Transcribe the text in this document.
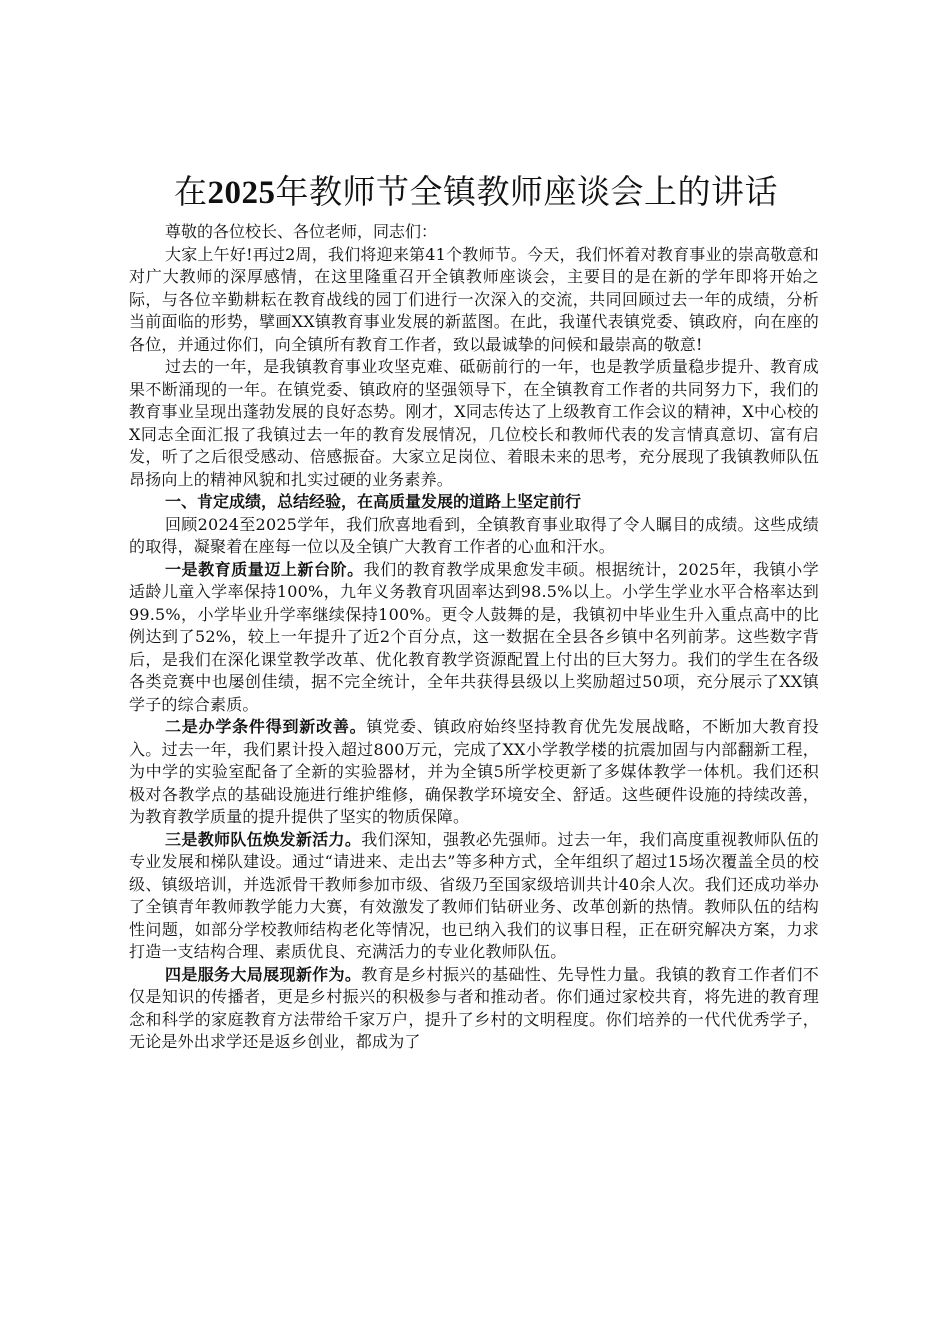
在2025年教师节全镇教师座谈会上的讲话

尊敬的各位校长、各位老师，同志们：

大家上午好!再过2周，我们将迎来第41个教师节。今天，我们怀着对教育事业的崇高敬意和对广大教师的深厚感情，在这里隆重召开全镇教师座谈会，主要目的是在新的学年即将开始之际，与各位辛勤耕耘在教育战线的园丁们进行一次深入的交流，共同回顾过去一年的成绩，分析当前面临的形势，擘画XX镇教育事业发展的新蓝图。在此，我谨代表镇党委、镇政府，向在座的各位，并通过你们，向全镇所有教育工作者，致以最诚挚的问候和最崇高的敬意!

过去的一年，是我镇教育事业攻坚克难、砥砺前行的一年，也是教学质量稳步提升、教育成果不断涌现的一年。在镇党委、镇政府的坚强领导下，在全镇教育工作者的共同努力下，我们的教育事业呈现出蓬勃发展的良好态势。刚才，X同志传达了上级教育工作会议的精神，X中心校的X同志全面汇报了我镇过去一年的教育发展情况，几位校长和教师代表的发言情真意切、富有启发，听了之后很受感动、倍感振奋。大家立足岗位、着眼未来的思考，充分展现了我镇教师队伍昂扬向上的精神风貌和扎实过硬的业务素养。

一、肯定成绩，总结经验，在高质量发展的道路上坚定前行

回顾2024至2025学年，我们欣喜地看到，全镇教育事业取得了令人瞩目的成绩。这些成绩的取得，凝聚着在座每一位以及全镇广大教育工作者的心血和汗水。

一是教育质量迈上新台阶。我们的教育教学成果愈发丰硕。根据统计，2025年，我镇小学适龄儿童入学率保持100%，九年义务教育巩固率达到98.5%以上。小学生学业水平合格率达到99.5%，小学毕业升学率继续保持100%。更令人鼓舞的是，我镇初中毕业生升入重点高中的比例达到了52%，较上一年提升了近2个百分点，这一数据在全县各乡镇中名列前茅。这些数字背后，是我们在深化课堂教学改革、优化教育教学资源配置上付出的巨大努力。我们的学生在各级各类竞赛中也屡创佳绩，据不完全统计，全年共获得县级以上奖励超过50项，充分展示了XX镇学子的综合素质。

二是办学条件得到新改善。镇党委、镇政府始终坚持教育优先发展战略，不断加大教育投入。过去一年，我们累计投入超过800万元，完成了XX小学教学楼的抗震加固与内部翻新工程，为中学的实验室配备了全新的实验器材，并为全镇5所学校更新了多媒体教学一体机。我们还积极对各教学点的基础设施进行维护维修，确保教学环境安全、舒适。这些硬件设施的持续改善，为教育教学质量的提升提供了坚实的物质保障。

三是教师队伍焕发新活力。我们深知，强教必先强师。过去一年，我们高度重视教师队伍的专业发展和梯队建设。通过“请进来、走出去”等多种方式，全年组织了超过15场次覆盖全员的校级、镇级培训，并选派骨干教师参加市级、省级乃至国家级培训共计40余人次。我们还成功举办了全镇青年教师教学能力大赛，有效激发了教师们钻研业务、改革创新的热情。教师队伍的结构性问题，如部分学校教师结构老化等情况，也已纳入我们的议事日程，正在研究解决方案，力求打造一支结构合理、素质优良、充满活力的专业化教师队伍。

四是服务大局展现新作为。教育是乡村振兴的基础性、先导性力量。我镇的教育工作者们不仅是知识的传播者，更是乡村振兴的积极参与者和推动者。你们通过家校共育，将先进的教育理念和科学的家庭教育方法带给千家万户，提升了乡村的文明程度。你们培养的一代代优秀学子，无论是外出求学还是返乡创业，都成为了
